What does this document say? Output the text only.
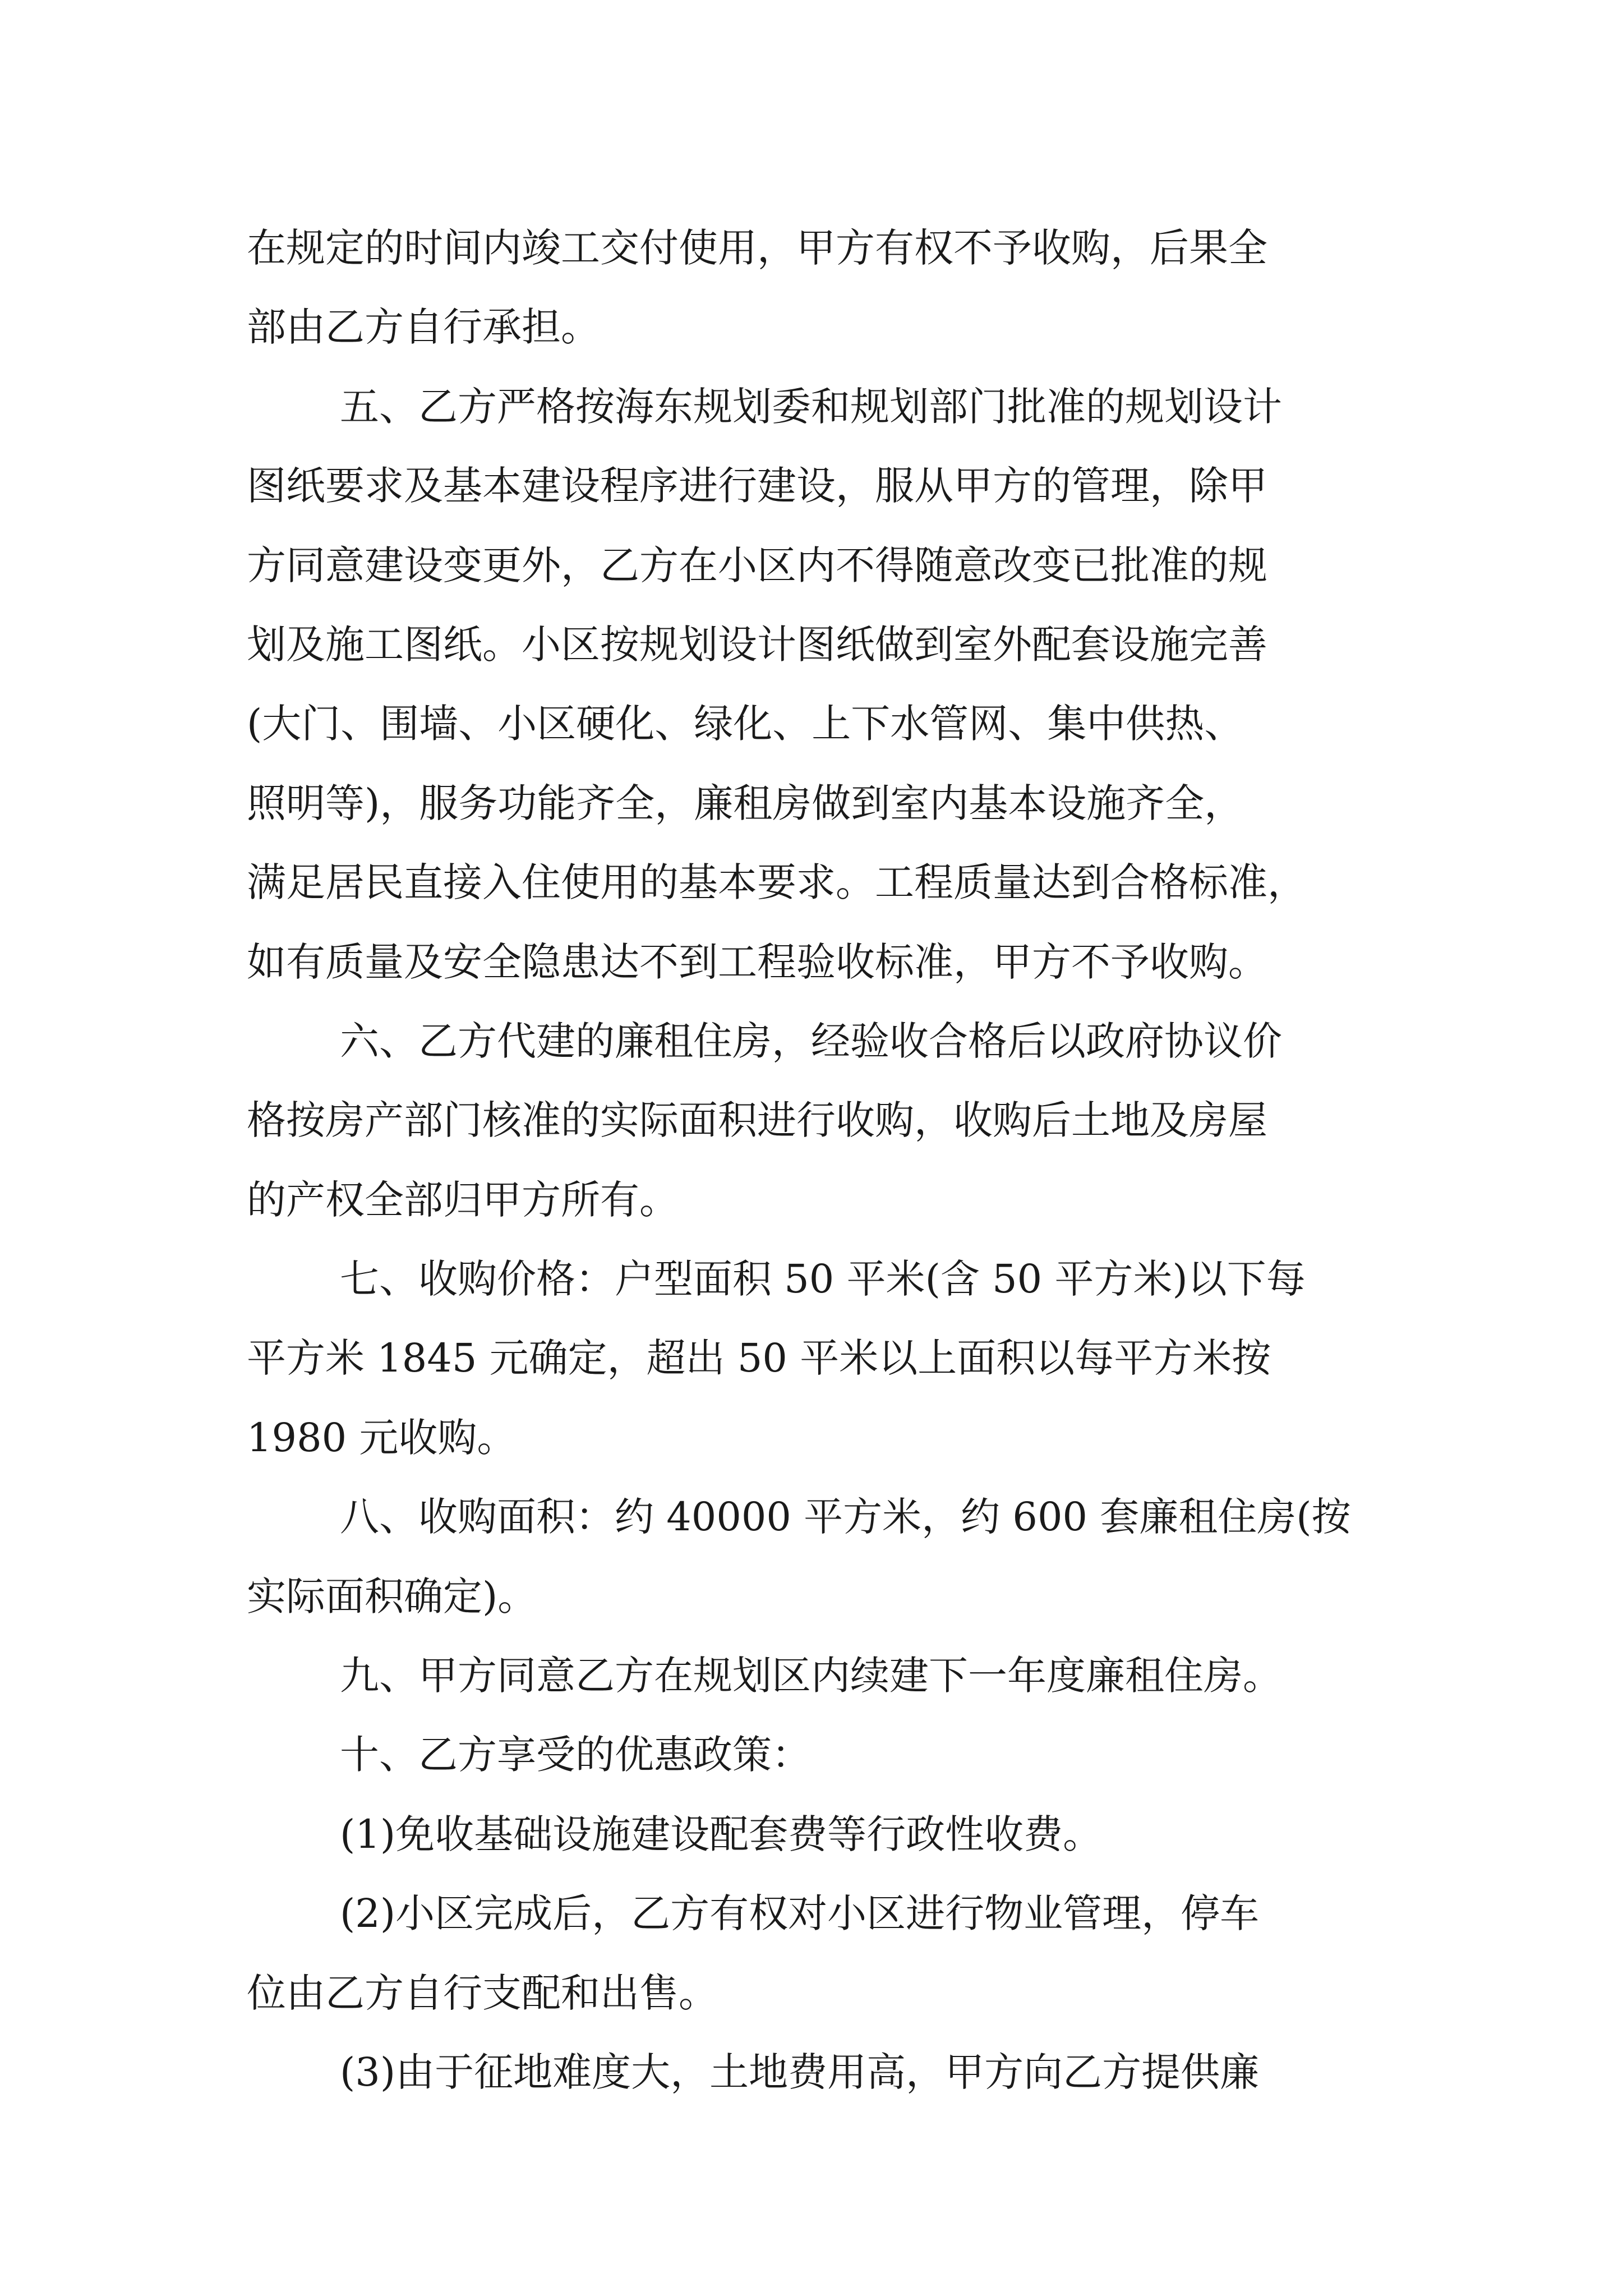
在规定的时间内竣工交付使用，甲方有权不予收购，后果全
部由乙方自行承担。
五、乙方严格按海东规划委和规划部门批准的规划设计
图纸要求及基本建设程序进行建设，服从甲方的管理，除甲
方同意建设变更外，乙方在小区内不得随意改变已批准的规
划及施工图纸。小区按规划设计图纸做到室外配套设施完善
(大门、围墙、小区硬化、绿化、上下水管网、集中供热、
照明等)，服务功能齐全，廉租房做到室内基本设施齐全，
满足居民直接入住使用的基本要求。工程质量达到合格标准，
如有质量及安全隐患达不到工程验收标准，甲方不予收购。
六、乙方代建的廉租住房，经验收合格后以政府协议价
格按房产部门核准的实际面积进行收购，收购后土地及房屋
的产权全部归甲方所有。
七、收购价格：户型面积 50 平米(含 50 平方米)以下每
平方米 1845 元确定，超出 50 平米以上面积以每平方米按
1980 元收购。
八、收购面积：约 40000 平方米，约 600 套廉租住房(按
实际面积确定)。
九、甲方同意乙方在规划区内续建下一年度廉租住房。
十、乙方享受的优惠政策：
(1)免收基础设施建设配套费等行政性收费。
(2)小区完成后，乙方有权对小区进行物业管理，停车
位由乙方自行支配和出售。
(3)由于征地难度大，土地费用高，甲方向乙方提供廉
